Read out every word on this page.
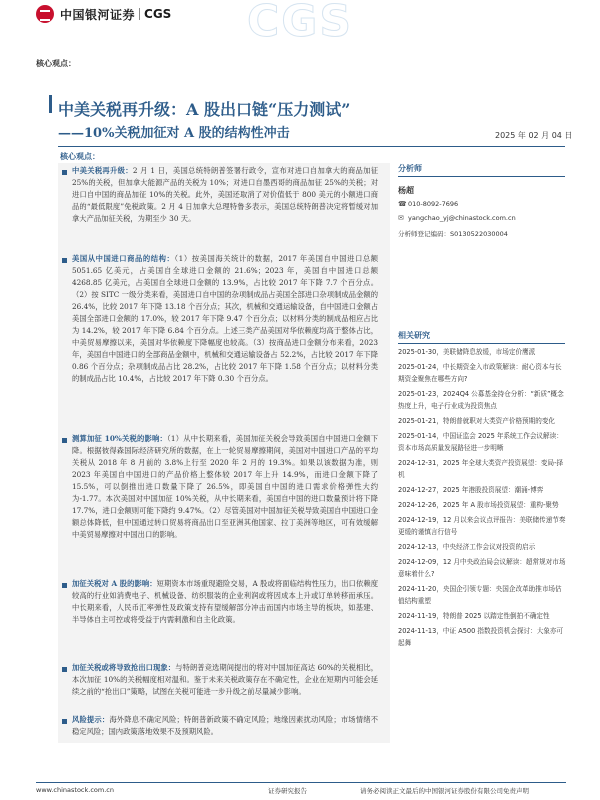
中国银河证券 CGS CGS
核心观点：
中美关税再升级：A 股出口链“压力测试”
——10%关税加征对 A 股的结构性冲击	2025 年 02 月 04 日
核心观点：
中美关税再升级：2 月 1 日，美国总统特朗普签署行政令，宣布对进口自加拿大的商品加征 25%的关税，但加拿大能源产品的关税为 10%；对进口自墨西哥的商品加征 25%的关税；对进口自中国的商品加征 10%的关税。此外，美国还取消了对价值低于 800 美元的小额进口商品的“最低限度”免税政策。2 月 4 日加拿大总理特鲁多表示，美国总统特朗普决定将暂缓对加拿大产品加征关税，为期至少 30 天。
美国从中国进口商品的结构：（1）按美国海关统计的数据，2017 年美国自中国进口总额 5051.65 亿美元，占美国自全球进口金额的 21.6%；2023 年，美国自中国进口总额 4268.85 亿美元，占美国自全球进口金额的 13.9%，占比较 2017 年下降 7.7 个百分点。（2）按 SITC 一级分类来看，美国进口自中国的杂项制成品占美国全部进口杂项制成品金额的 26.4%，比较 2017 年下降 13.18 个百分点；其次，机械和交通运输设备，自中国进口金额占美国全部进口金额的 17.0%，较 2017 年下降 9.47 个百分点；以材料分类的制成品相应占比为 14.2%，较 2017 年下降 6.84 个百分点。上述三类产品美国对华依赖度均高于整体占比，中美贸易摩擦以来，美国对华依赖度下降幅度也较高。（3）按商品进口金额分布来看，2023 年，美国自中国进口的全部商品金额中，机械和交通运输设备占 52.2%，占比较 2017 年下降 0.86 个百分点；杂项制成品占比 28.2%，占比较 2017 年下降 1.58 个百分点；以材料分类的制成品占比 10.4%，占比较 2017 年下降 0.30 个百分点。
测算加征 10%关税的影响：（1）从中长期来看，美国加征关税会导致美国自中国进口金额下降。根据彼得森国际经济研究所的数据，在上一轮贸易摩擦期间，美国对中国进口产品的平均关税从 2018 年 8 月前的 3.8%上行至 2020 年 2 月的 19.3%。如果以该数据为准，则 2023 年美国自中国进口的产品价格上整体较 2017 年上升 14.9%，而进口金额下降了 15.5%，可以倒推出进口数量下降了 26.5%，即美国自中国的进口需求价格弹性大约为-1.77。本次美国对中国加征 10%关税，从中长期来看，美国自中国的进口数量预计将下降 17.7%，进口金额则可能下降约 9.47%。（2）尽管美国对中国加征关税导致美国自中国进口金额总体降低，但中国通过转口贸易将商品出口至亚洲其他国家、拉丁美洲等地区，可有效缓解中美贸易摩擦对中国出口的影响。
加征关税对 A 股的影响：短期资本市场重现避险交易，A 股或将面临结构性压力，出口依赖度较高的行业如消费电子、机械设备、纺织服装的企业利润或将因成本上升或订单转移而承压。中长期来看，人民币汇率弹性及政策支持有望缓解部分冲击而国内市场主导的板块，如基建、半导体自主可控或将受益于内需刺激和自主化政策。
加征关税或将导致抢出口现象：与特朗普竞选期间提出的将对中国加征高达 60%的关税相比，本次加征 10%的关税幅度相对温和。鉴于未来关税政策存在不确定性，企业在短期内可能会延续之前的“抢出口”策略，试图在关税可能进一步升级之前尽量减少影响。
风险提示：海外降息不确定风险；特朗普新政策不确定风险；地缘因素扰动风险；市场情绪不稳定风险；国内政策落地效果不及预期风险。
分析师
杨超
☎ 010-8092-7696
✉ yangchao_yj@chinastock.com.cn
分析师登记编码：S0130522030004
相关研究
2025-01-30，美联储降息放缓，市场定价鹰派
2025-01-24，中长期资金入市政策解读：耐心资本与长期资金聚焦在哪些方向?
2025-01-23，2024Q4 公募基金持仓分析：“新质”概念热度上升，电子行业成为投资焦点
2025-01-21，特朗普就职对大类资产价格预期的变化
2025-01-14，中国证监会 2025 年系统工作会议解读：资本市场高质量发展路径进一步明晰
2024-12-31，2025 年全球大类资产投资展望：变局-择机
2024-12-27，2025 年港股投资展望：潮涌-博弈
2024-12-26，2025 年 A 股市场投资展望：重构-聚势
2024-12-19，12 月以来会议点评报告：美联储传递节奏更缓的谨慎言行信号
2024-12-13，中央经济工作会议对投资的启示
2024-12-09，12 月中央政治局会议解读：超常规对市场意味着什么?
2024-11-20，央国企引领专题：央国企改革助推市场估值结构重塑
2024-11-19，特朗普 2025 以踏定性倒拍不确定性
2024-11-13，中证 A500 指数投资机会探讨：大象亦可起舞
www.chinastock.com.cn	证券研究报告	请务必阅读正文最后的中国银河证券股份有限公司免责声明
